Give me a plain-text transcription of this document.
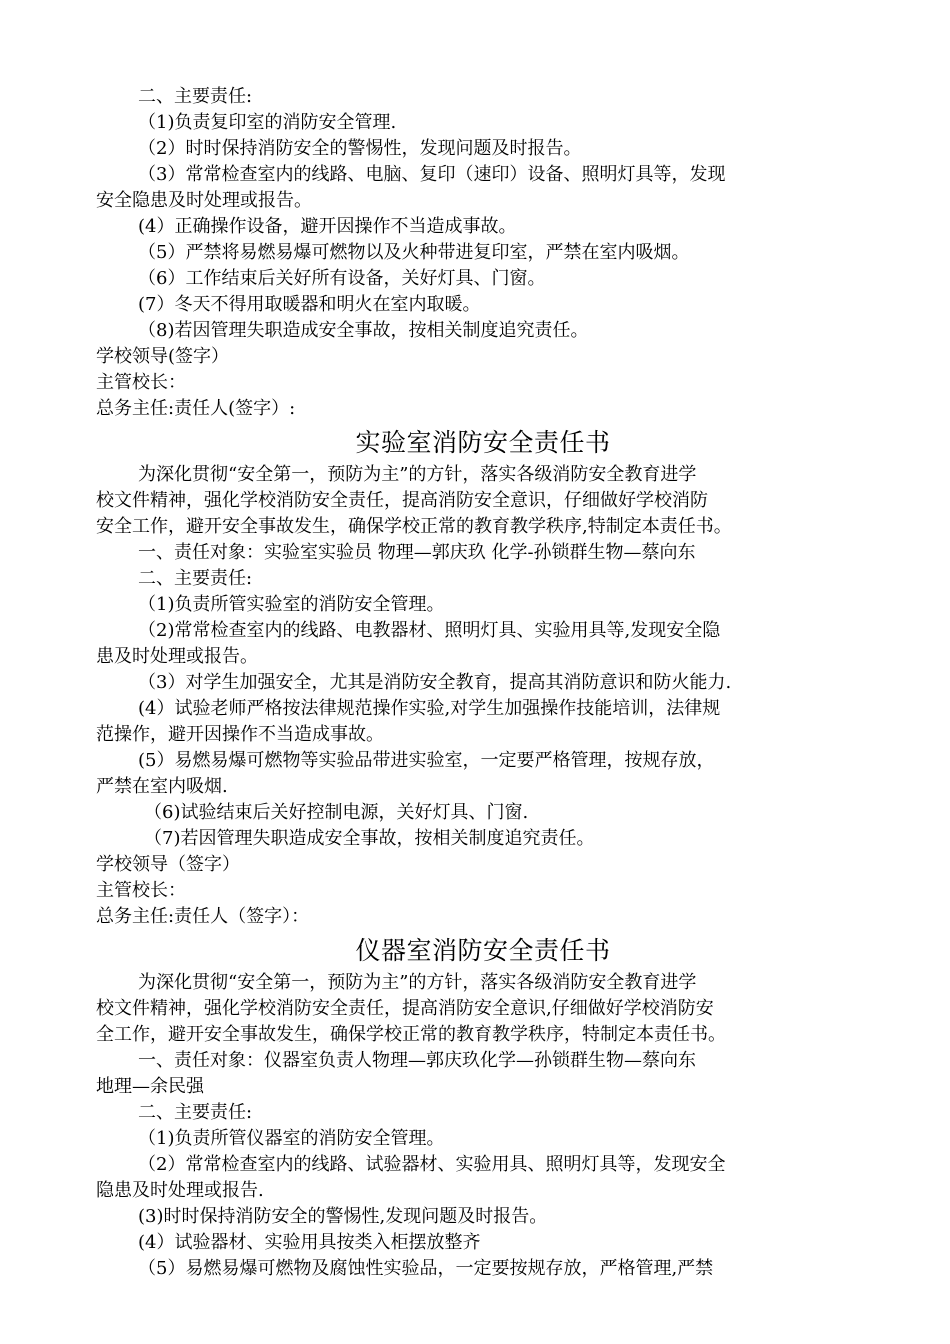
二、主要责任:
（1)负责复印室的消防安全管理.
（2）时时保持消防安全的警惕性，发现问题及时报告。
（3）常常检查室内的线路、电脑、复印（速印）设备、照明灯具等，发现
安全隐患及时处理或报告。
(4）正确操作设备，避开因操作不当造成事故。
（5）严禁将易燃易爆可燃物以及火种带进复印室，严禁在室内吸烟。
（6）工作结束后关好所有设备，关好灯具、门窗。
(7）冬天不得用取暖器和明火在室内取暖。
（8)若因管理失职造成安全事故，按相关制度追究责任。
学校领导(签字）
主管校长：
总务主任:责任人(签字）:
实验室消防安全责任书
为深化贯彻“安全第一，预防为主”的方针，落实各级消防安全教育进学
校文件精神，强化学校消防安全责任，提高消防安全意识，仔细做好学校消防
安全工作，避开安全事故发生，确保学校正常的教育教学秩序,特制定本责任书。
一、责任对象：实验室实验员 物理—郭庆玖 化学-孙锁群生物—蔡向东
二、主要责任:
（1)负责所管实验室的消防安全管理。
（2)常常检查室内的线路、电教器材、照明灯具、实验用具等,发现安全隐
患及时处理或报告。
（3）对学生加强安全，尤其是消防安全教育，提高其消防意识和防火能力.
(4）试验老师严格按法律规范操作实验,对学生加强操作技能培训，法律规
范操作，避开因操作不当造成事故。
(5）易燃易爆可燃物等实验品带进实验室，一定要严格管理，按规存放，
严禁在室内吸烟.
（6)试验结束后关好控制电源，关好灯具、门窗.
（7)若因管理失职造成安全事故，按相关制度追究责任。
学校领导（签字）
主管校长：
总务主任:责任人（签字）：
仪器室消防安全责任书
为深化贯彻“安全第一，预防为主”的方针，落实各级消防安全教育进学
校文件精神，强化学校消防安全责任，提高消防安全意识,仔细做好学校消防安
全工作，避开安全事故发生，确保学校正常的教育教学秩序，特制定本责任书。
一、责任对象：仪器室负责人物理—郭庆玖化学—孙锁群生物—蔡向东
地理—余民强
二、主要责任:
（1)负责所管仪器室的消防安全管理。
（2）常常检查室内的线路、试验器材、实验用具、照明灯具等，发现安全
隐患及时处理或报告.
(3)时时保持消防安全的警惕性,发现问题及时报告。
(4）试验器材、实验用具按类入柜摆放整齐
（5）易燃易爆可燃物及腐蚀性实验品，一定要按规存放，严格管理,严禁
